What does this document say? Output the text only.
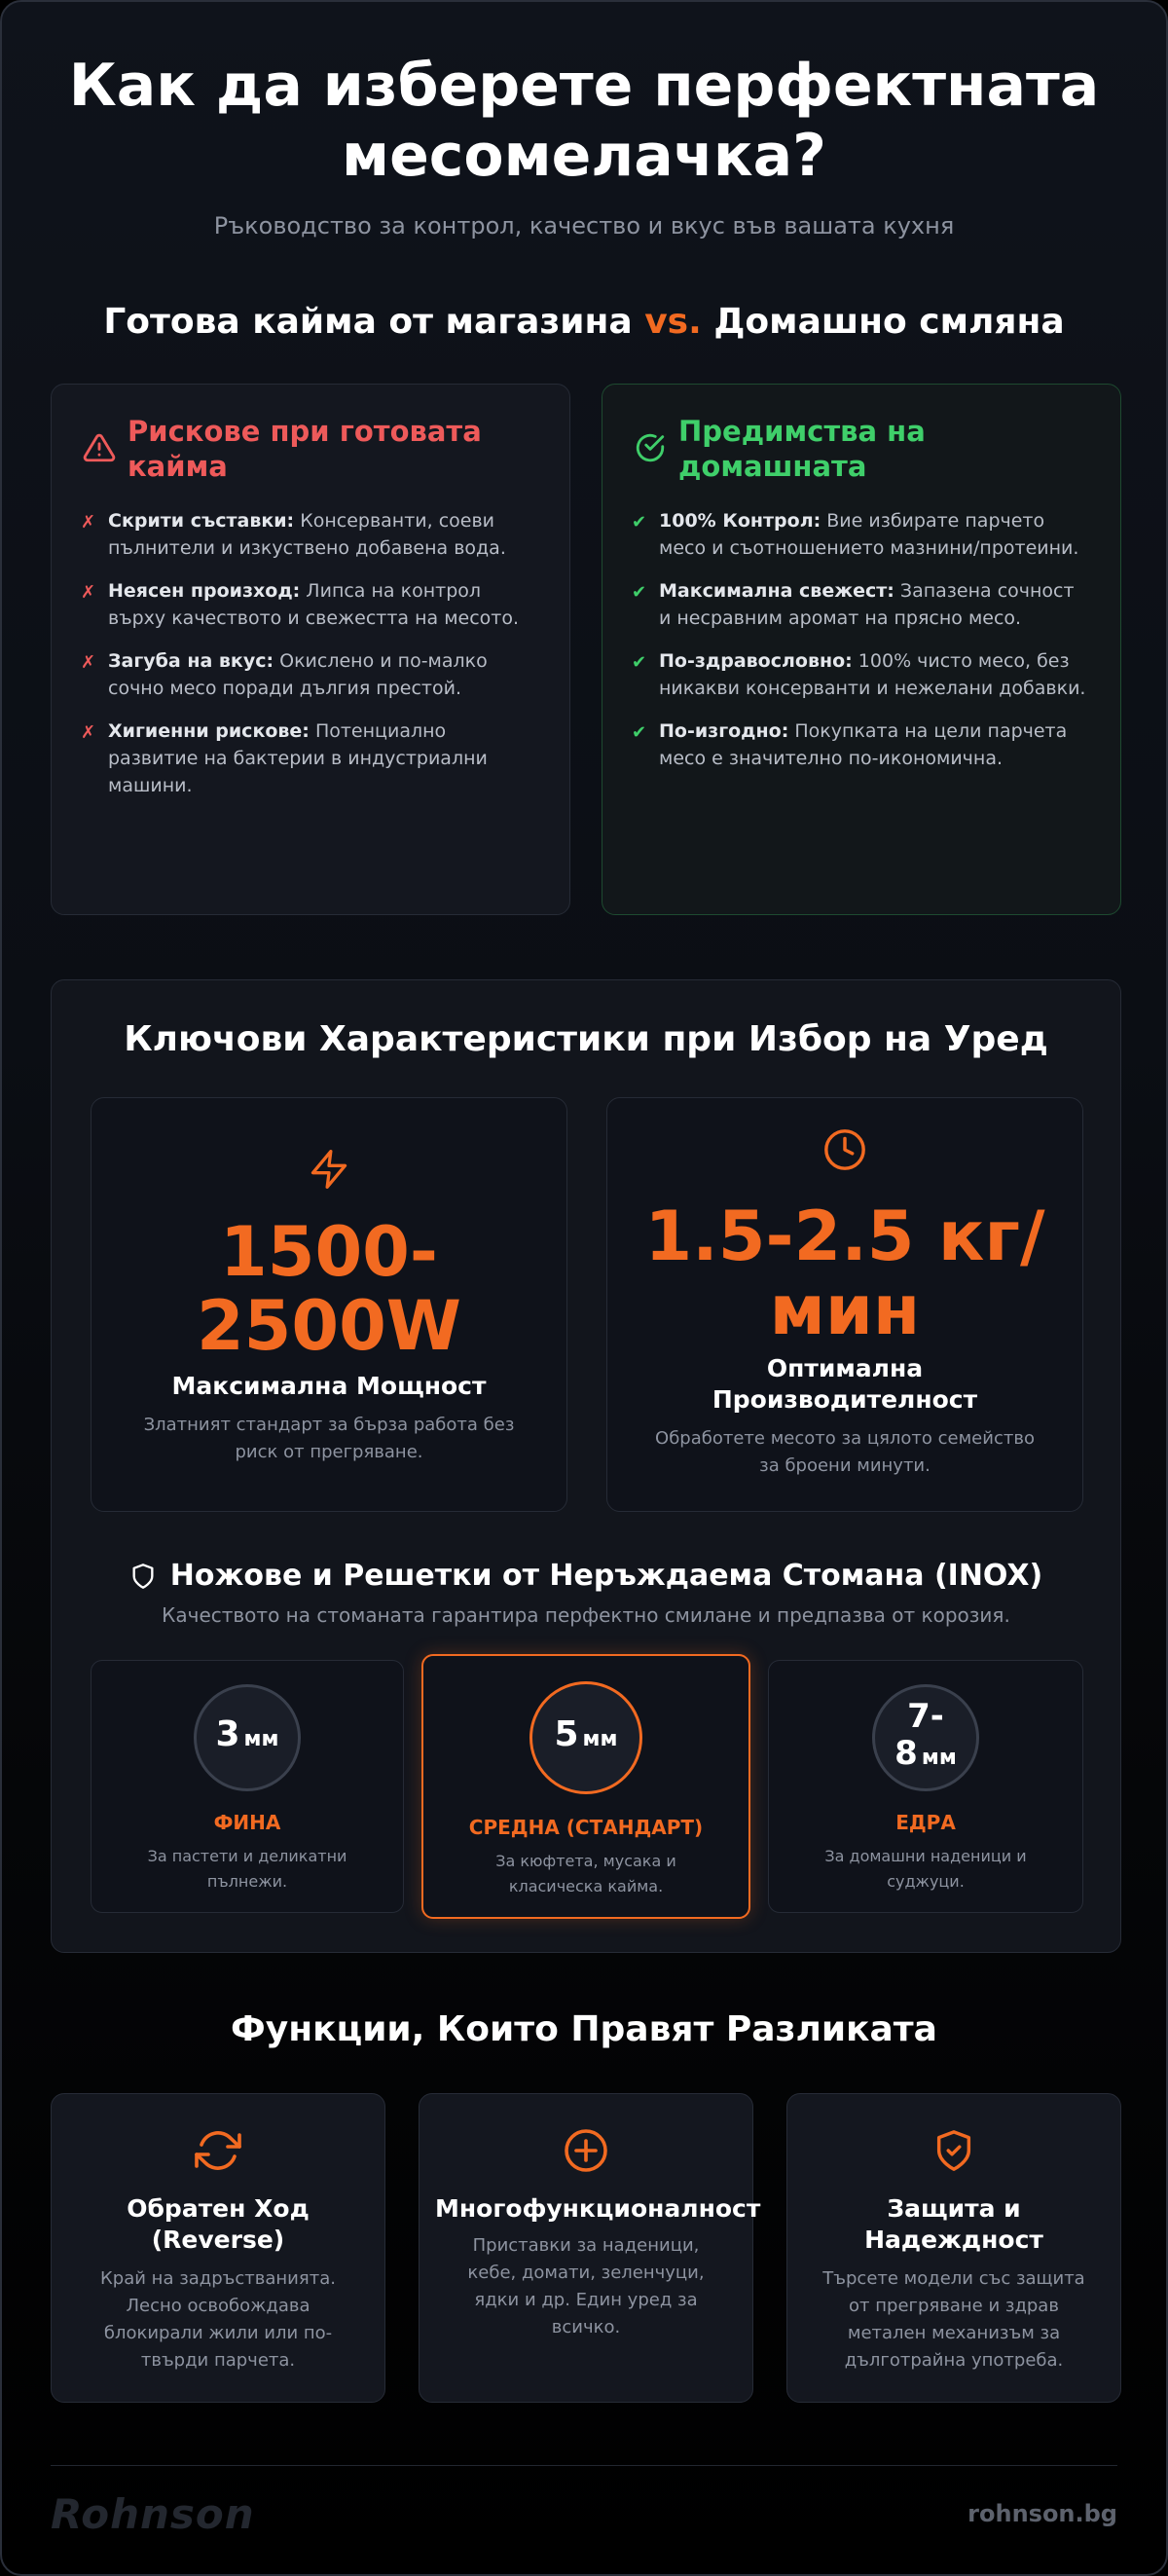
Как да изберете перфектната
месомелачка?
Ръководство за контрол, качество и вкус във вашата кухня
Готова кайма от магазина vs. Домашно смляна
Рискове при готовата кайма
✗ Скрити съставки: Консерванти, соеви пълнители и изкуствено добавена вода.
✗ Неясен произход: Липса на контрол върху качеството и свежестта на месото.
✗ Загуба на вкус: Окислено и по-малко сочно месо поради дългия престой.
✗ Хигиенни рискове: Потенциално развитие на бактерии в индустриални машини.
Предимства на домашната
✔ 100% Контрол: Вие избирате парчето месо и съотношението мазнини/протеини.
✔ Максимална свежест: Запазена сочност и несравним аромат на прясно месо.
✔ По-здравословно: 100% чисто месо, без никакви консерванти и нежелани добавки.
✔ По-изгодно: Покупката на цели парчета месо е значително по-икономична.
Ключови Характеристики при Избор на Уред
1500-
2500W
Максимална Мощност
Златният стандарт за бърза работа без риск от прегряване.
1.5-2.5 кг/
мин
Оптимална
Производителност
Обработете месото за цялото семейство за броени минути.
Ножове и Решетки от Неръждаема Стомана (INOX)
Качеството на стоманата гарантира перфектно смилане и предпазва от корозия.
3 мм
ФИНА
За пастети и деликатни пълнежи.
5 мм
СРЕДНА (СТАНДАРТ)
За кюфтета, мусака и класическа кайма.
7-
8 мм
ЕДРА
За домашни наденици и суджуци.
Функции, Които Правят Разликата
Обратен Ход (Reverse)
Край на задръстванията. Лесно освобождава блокирали жили или по-твърди парчета.
Многофункционалност
Приставки за наденици, кебе, домати, зеленчуци, ядки и др. Един уред за всичко.
Защита и Надеждност
Търсете модели със защита от прегряване и здрав метален механизъм за дълготрайна употреба.
Rohnson	rohnson.bg
